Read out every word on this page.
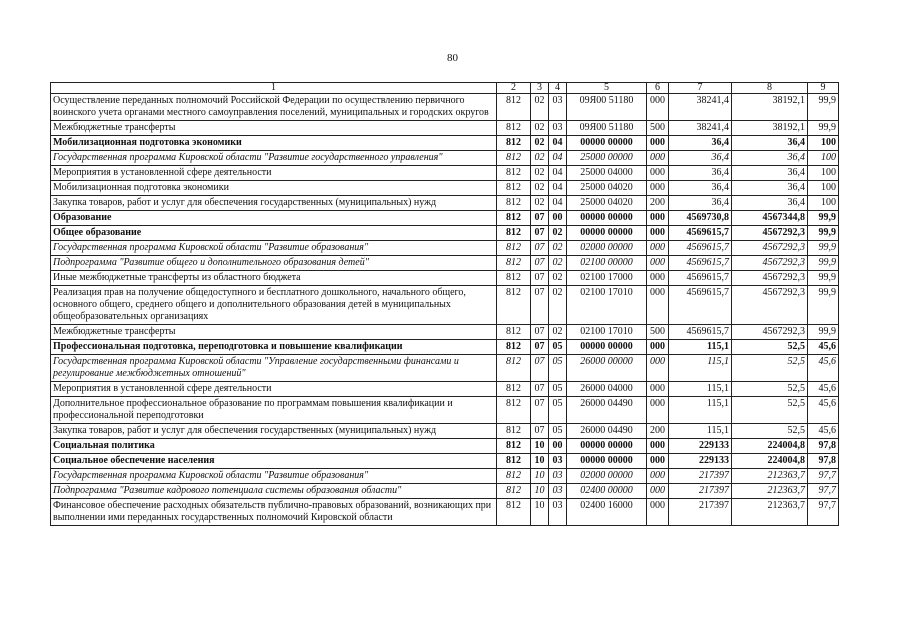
80
1	2	3	4	5	6	7	8	9
Осуществление переданных полномочий Российской Федерации по осуществлению первичного воинского учета органами местного самоуправления поселений, муниципальных и городских округов	812	02	03	09Я00 51180	000	38241,4	38192,1	99,9
Межбюджетные трансферты	812	02	03	09Я00 51180	500	38241,4	38192,1	99,9
Мобилизационная подготовка экономики	812	02	04	00000 00000	000	36,4	36,4	100
Государственная программа Кировской области "Развитие государственного управления"	812	02	04	25000 00000	000	36,4	36,4	100
Мероприятия в установленной сфере деятельности	812	02	04	25000 04000	000	36,4	36,4	100
Мобилизационная подготовка экономики	812	02	04	25000 04020	000	36,4	36,4	100
Закупка товаров, работ и услуг для обеспечения государственных (муниципальных) нужд	812	02	04	25000 04020	200	36,4	36,4	100
Образование	812	07	00	00000 00000	000	4569730,8	4567344,8	99,9
Общее образование	812	07	02	00000 00000	000	4569615,7	4567292,3	99,9
Государственная программа Кировской области "Развитие образования"	812	07	02	02000 00000	000	4569615,7	4567292,3	99,9
Подпрограмма "Развитие общего и дополнительного образования детей"	812	07	02	02100 00000	000	4569615,7	4567292,3	99,9
Иные межбюджетные трансферты из областного бюджета	812	07	02	02100 17000	000	4569615,7	4567292,3	99,9
Реализация прав на получение общедоступного и бесплатного дошкольного, начального общего, основного общего, среднего общего и дополнительного образования детей в муниципальных общеобразовательных организациях	812	07	02	02100 17010	000	4569615,7	4567292,3	99,9
Межбюджетные трансферты	812	07	02	02100 17010	500	4569615,7	4567292,3	99,9
Профессиональная подготовка, переподготовка и повышение квалификации	812	07	05	00000 00000	000	115,1	52,5	45,6
Государственная программа Кировской области "Управление государственными финансами и регулирование межбюджетных отношений"	812	07	05	26000 00000	000	115,1	52,5	45,6
Мероприятия в установленной сфере деятельности	812	07	05	26000 04000	000	115,1	52,5	45,6
Дополнительное профессиональное образование по программам повышения квалификации и профессиональной переподготовки	812	07	05	26000 04490	000	115,1	52,5	45,6
Закупка товаров, работ и услуг для обеспечения государственных (муниципальных) нужд	812	07	05	26000 04490	200	115,1	52,5	45,6
Социальная политика	812	10	00	00000 00000	000	229133	224004,8	97,8
Социальное обеспечение населения	812	10	03	00000 00000	000	229133	224004,8	97,8
Государственная программа Кировской области "Развитие образования"	812	10	03	02000 00000	000	217397	212363,7	97,7
Подпрограмма "Развитие кадрового потенциала системы образования области"	812	10	03	02400 00000	000	217397	212363,7	97,7
Финансовое обеспечение расходных обязательств публично-правовых образований, возникающих при выполнении ими переданных государственных полномочий Кировской области	812	10	03	02400 16000	000	217397	212363,7	97,7
